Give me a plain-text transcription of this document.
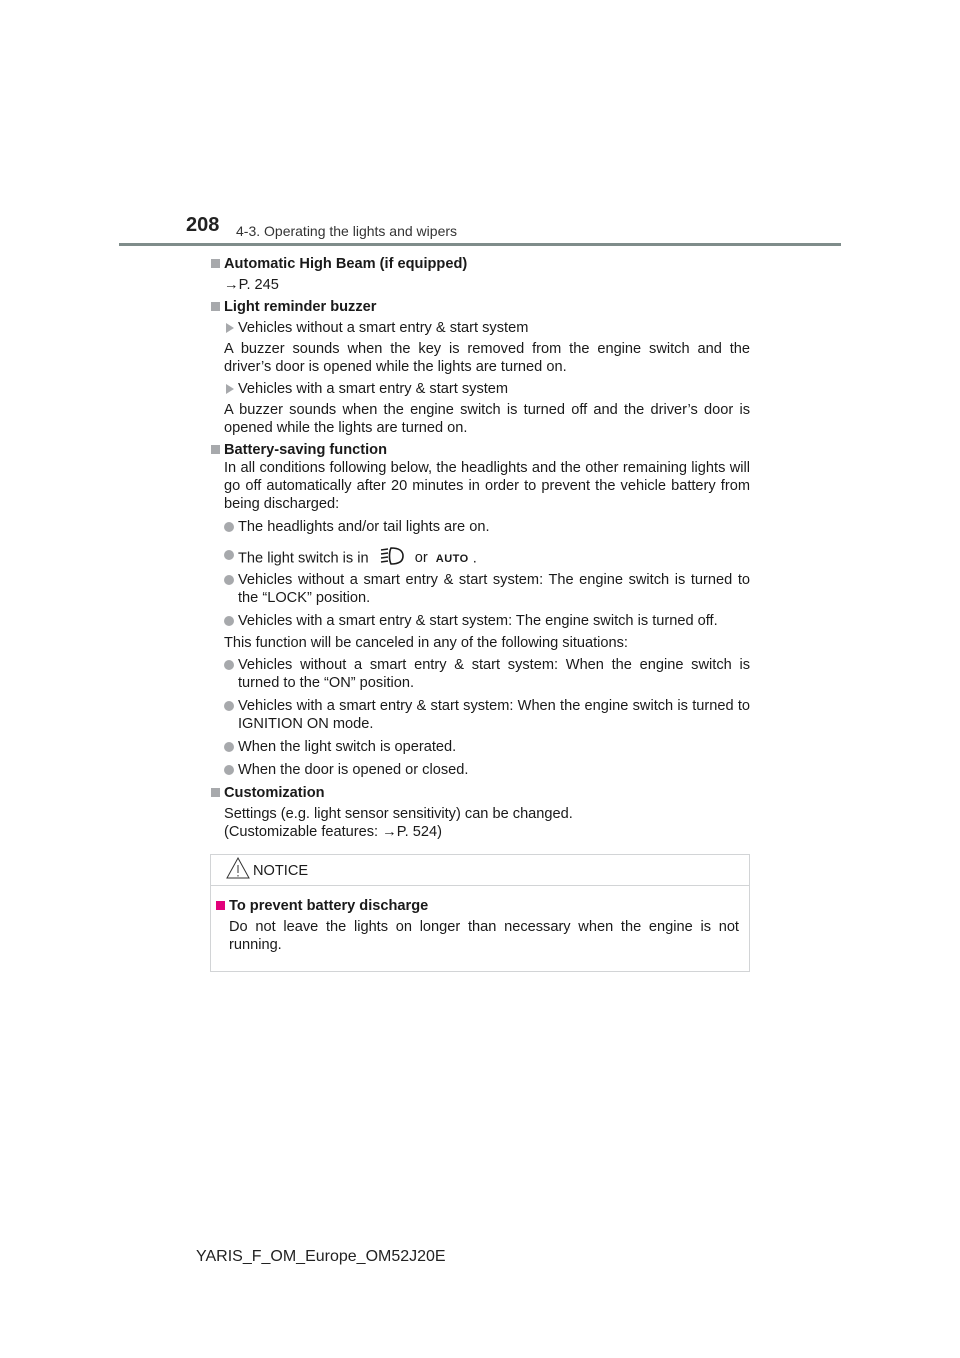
208 4-3. Operating the lights and wipers
Automatic High Beam (if equipped)
→P. 245
Light reminder buzzer
Vehicles without a smart entry & start system
A buzzer sounds when the key is removed from the engine switch and the driver’s door is opened while the lights are turned on.
Vehicles with a smart entry & start system
A buzzer sounds when the engine switch is turned off and the driver’s door is opened while the lights are turned on.
Battery-saving function
In all conditions following below, the headlights and the other remaining lights will go off automatically after 20 minutes in order to prevent the vehicle battery from being discharged:
The headlights and/or tail lights are on.
The light switch is in	or AUTO .
Vehicles without a smart entry & start system: The engine switch is turned to the “LOCK” position.
Vehicles with a smart entry & start system: The engine switch is turned off.
This function will be canceled in any of the following situations:
Vehicles without a smart entry & start system: When the engine switch is turned to the “ON” position.
Vehicles with a smart entry & start system: When the engine switch is turned to IGNITION ON mode.
When the light switch is operated.
When the door is opened or closed.
Customization
Settings (e.g. light sensor sensitivity) can be changed.
(Customizable features: →P. 524)
NOTICE
To prevent battery discharge
Do not leave the lights on longer than necessary when the engine is not running.
YARIS_F_OM_Europe_OM52J20E
